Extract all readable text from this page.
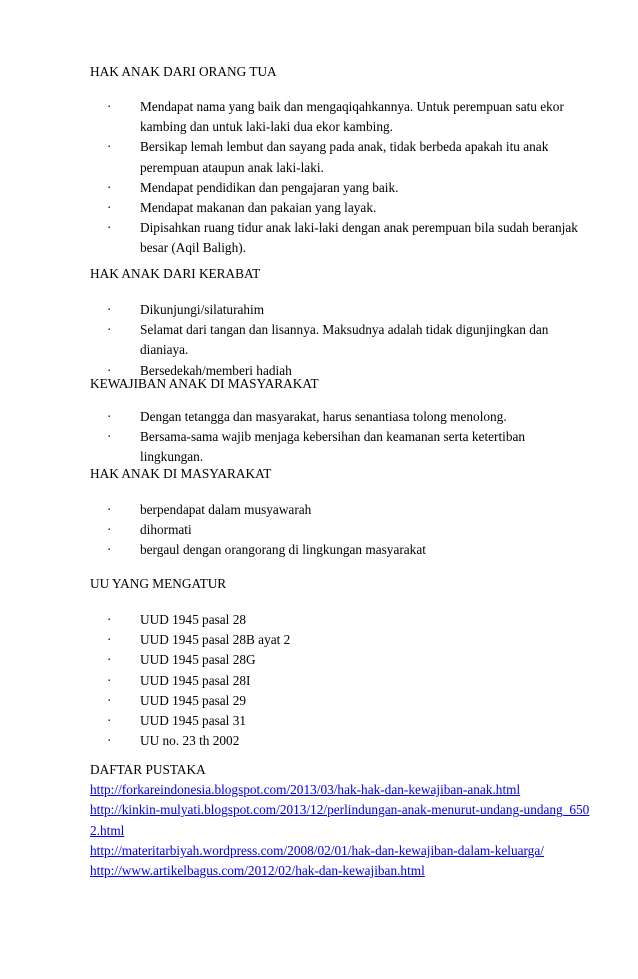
HAK ANAK DARI ORANG TUA
·	Mendapat nama yang baik dan mengaqiqahkannya. Untuk perempuan satu ekor kambing dan untuk laki-laki dua ekor kambing.
·	Bersikap lemah lembut dan sayang pada anak, tidak berbeda apakah itu anak perempuan ataupun anak laki-laki.
·	Mendapat pendidikan dan pengajaran yang baik.
·	Mendapat makanan dan pakaian yang layak.
·	Dipisahkan ruang tidur anak laki-laki dengan anak perempuan bila sudah beranjak besar (Aqil Baligh).
HAK ANAK DARI KERABAT
·	Dikunjungi/silaturahim
·	Selamat dari tangan dan lisannya. Maksudnya adalah tidak digunjingkan dan dianiaya.
·	Bersedekah/memberi hadiah
KEWAJIBAN ANAK DI MASYARAKAT
·	Dengan tetangga dan masyarakat, harus senantiasa tolong menolong.
·	Bersama-sama wajib menjaga kebersihan dan keamanan serta ketertiban lingkungan.
HAK ANAK DI MASYARAKAT
·	berpendapat dalam musyawarah
·	dihormati
·	bergaul dengan orangorang di lingkungan masyarakat
UU YANG MENGATUR
·	UUD 1945 pasal 28
·	UUD 1945 pasal 28B ayat 2
·	UUD 1945 pasal 28G
·	UUD 1945 pasal 28I
·	UUD 1945 pasal 29
·	UUD 1945 pasal 31
·	UU no. 23 th 2002
DAFTAR PUSTAKA
http://forkareindonesia.blogspot.com/2013/03/hak-hak-dan-kewajiban-anak.html
http://kinkin-mulyati.blogspot.com/2013/12/perlindungan-anak-menurut-undang-undang_6502.html
http://materitarbiyah.wordpress.com/2008/02/01/hak-dan-kewajiban-dalam-keluarga/
http://www.artikelbagus.com/2012/02/hak-dan-kewajiban.html
